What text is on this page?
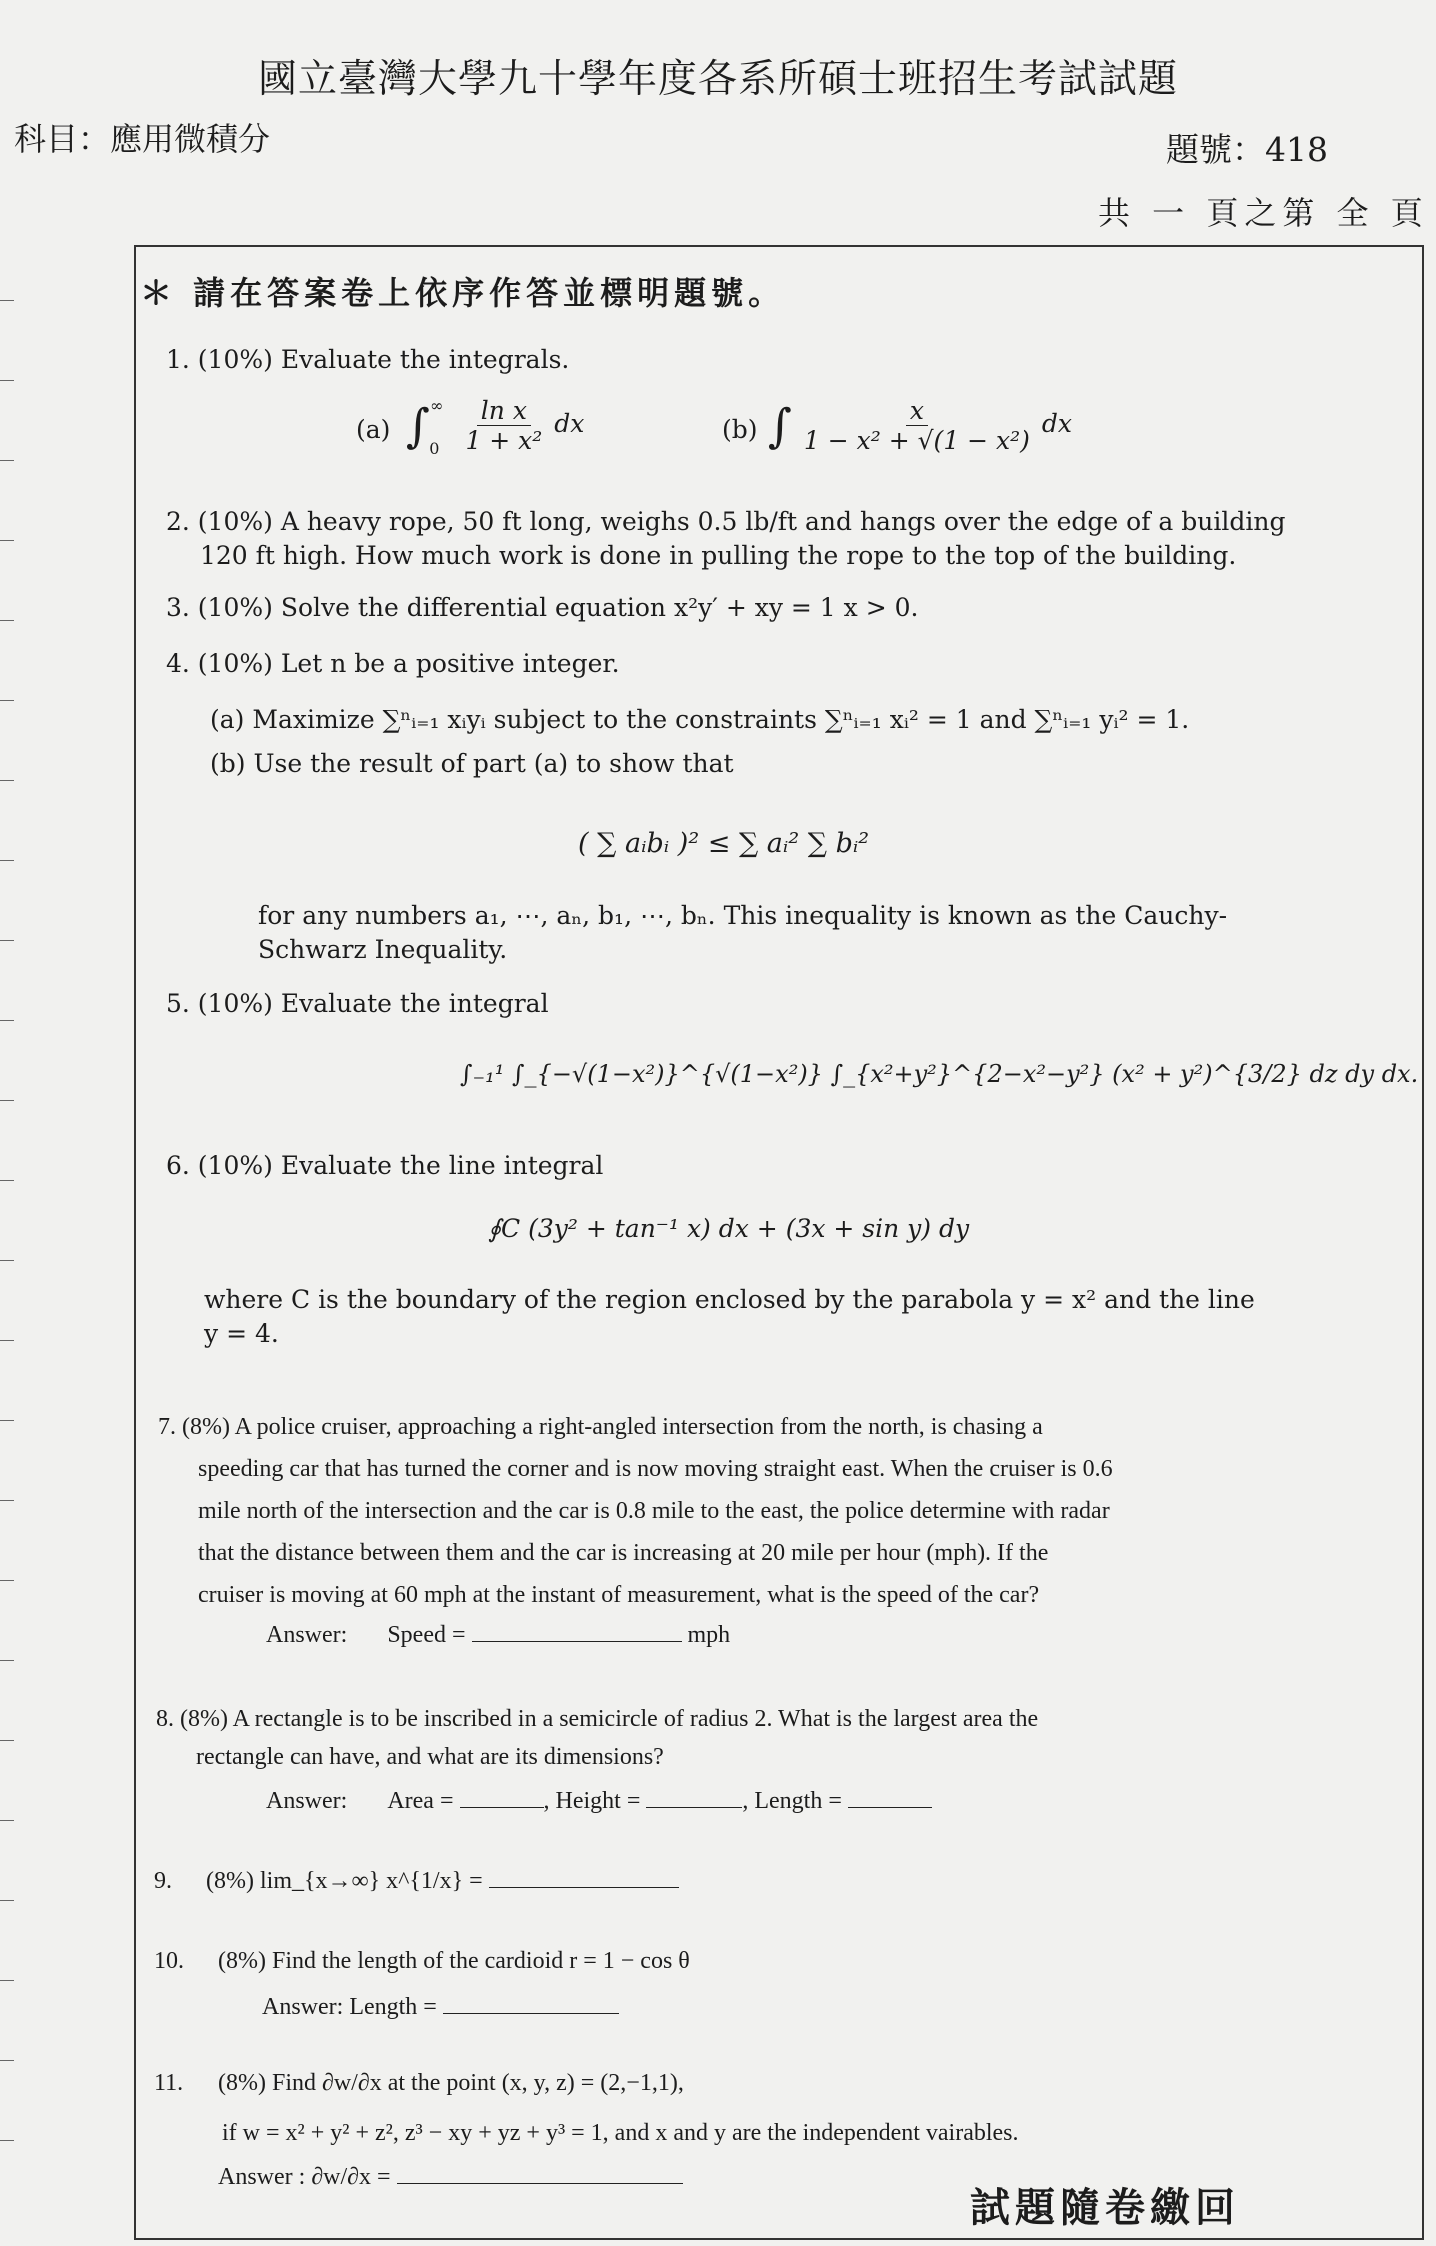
國立臺灣大學九十學年度各系所碩士班招生考試試題
科目：應用微積分	題號：418
共 一 頁之第 全 頁
＊ 請在答案卷上依序作答並標明題號。
1. (10%) Evaluate the integrals.
(a) $\int^\infty_0 \frac{\text{ln x}}{\text{1 + x²}}$ dx	(b) ∫ $\frac{x}{\text{1 − x² + √(1 − x²)}}$ dx
2. (10%) A heavy rope, 50 ft long, weighs 0.5 lb/ft and hangs over the edge of a building
120 ft high. How much work is done in pulling the rope to the top of the building.
3. (10%) Solve the differential equation x²y′ + xy = 1 x > 0.
4. (10%) Let n be a positive integer.
(a) Maximize ∑ⁿᵢ₌₁ xᵢyᵢ subject to the constraints ∑ⁿᵢ₌₁ xᵢ² = 1 and ∑ⁿᵢ₌₁ yᵢ² = 1.
(b) Use the result of part (a) to show that
( ∑ aᵢbᵢ )² ≤ ∑ aᵢ² ∑ bᵢ²
for any numbers a₁, ⋯, aₙ, b₁, ⋯, bₙ. This inequality is known as the Cauchy-
Schwarz Inequality.
5. (10%) Evaluate the integral
∫₋₁¹ ∫_{−√(1−x²)}^{√(1−x²)} ∫_{x²+y²}^{2−x²−y²} (x² + y²)^{3/2} dz dy dx.
6. (10%) Evaluate the line integral
∮C (3y² + tan⁻¹ x) dx + (3x + sin y) dy
where C is the boundary of the region enclosed by the parabola y = x² and the line
y = 4.
7. (8%) A police cruiser, approaching a right-angled intersection from the north, is chasing a
speeding car that has turned the corner and is now moving straight east. When the cruiser is 0.6
mile north of the intersection and the car is 0.8 mile to the east, the police determine with radar
that the distance between them and the car is increasing at 20 mile per hour (mph). If the
cruiser is moving at 60 mph at the instant of measurement, what is the speed of the car?
Answer: Speed =	mph
8. (8%) A rectangle is to be inscribed in a semicircle of radius 2. What is the largest area the
rectangle can have, and what are its dimensions?
Answer: Area =	, Height =	, Length =
9. (8%) lim_{x→∞} x^{1/x} =
10. (8%) Find the length of the cardioid r = 1 − cos θ
Answer: Length =
11. (8%) Find ∂w/∂x at the point (x, y, z) = (2,−1,1),
if w = x² + y² + z², z³ − xy + yz + y³ = 1, and x and y are the independent vairables.
Answer : ∂w/∂x =
試題隨卷繳回
